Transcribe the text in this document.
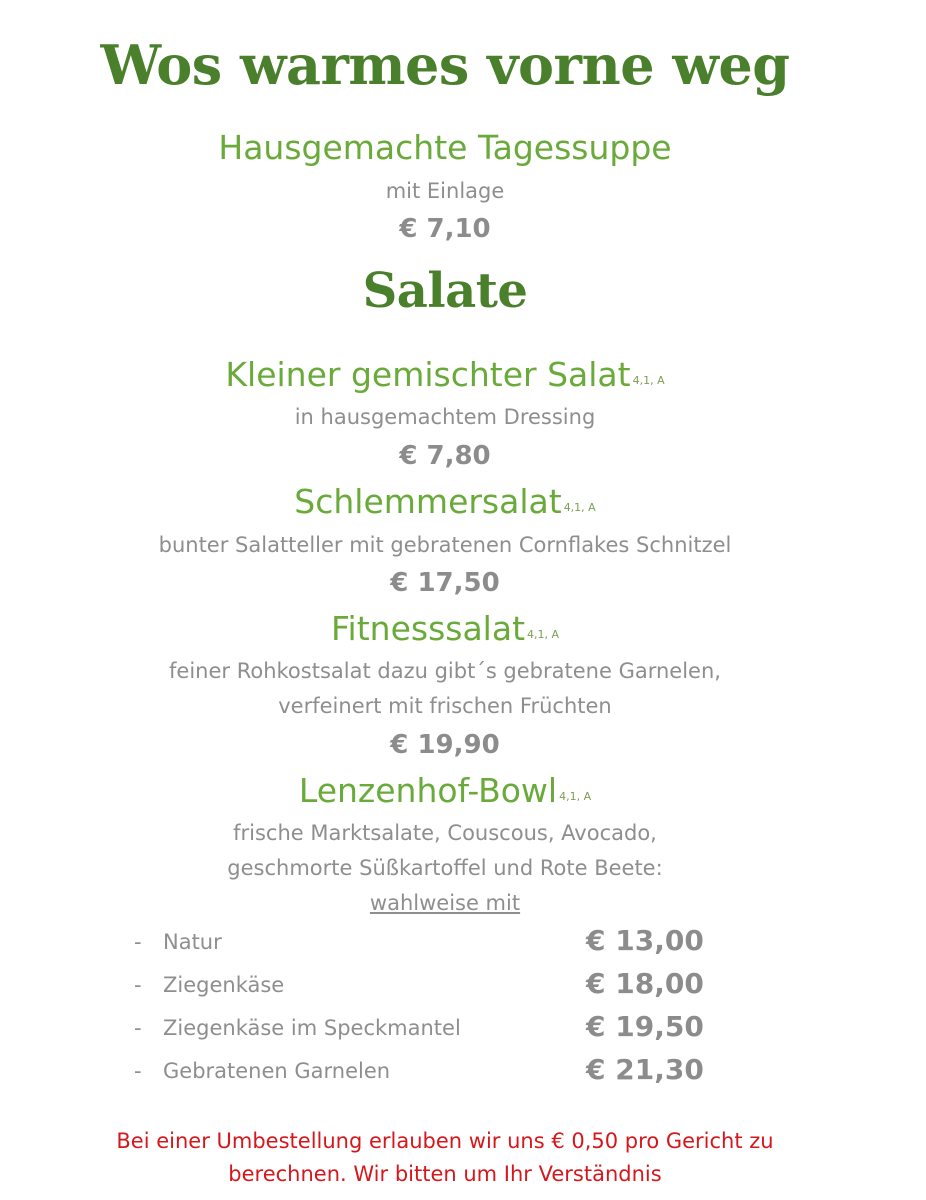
Wos warmes vorne weg
Hausgemachte Tagessuppe
mit Einlage
€ 7,10
Salate
Kleiner gemischter Salat $^{4,1, A}$
in hausgemachtem Dressing
€ 7,80
Schlemmersalat $^{4,1, A}$
bunter Salatteller mit gebratenen Cornflakes Schnitzel
€ 17,50
Fitnesssalat $^{4,1, A}$
feiner Rohkostsalat dazu gibt´s gebratene Garnelen,
verfeinert mit frischen Früchten
€ 19,90
Lenzenhof-Bowl $^{4,1, A}$
frische Marktsalate, Couscous, Avocado,
geschmorte Süßkartoffel und Rote Beete:
wahlweise mit
- Natur	€ 13,00
- Ziegenkäse	€ 18,00
- Ziegenkäse im Speckmantel	€ 19,50
- Gebratenen Garnelen	€ 21,30
Bei einer Umbestellung erlauben wir uns € 0,50 pro Gericht zu
berechnen. Wir bitten um Ihr Verständnis
